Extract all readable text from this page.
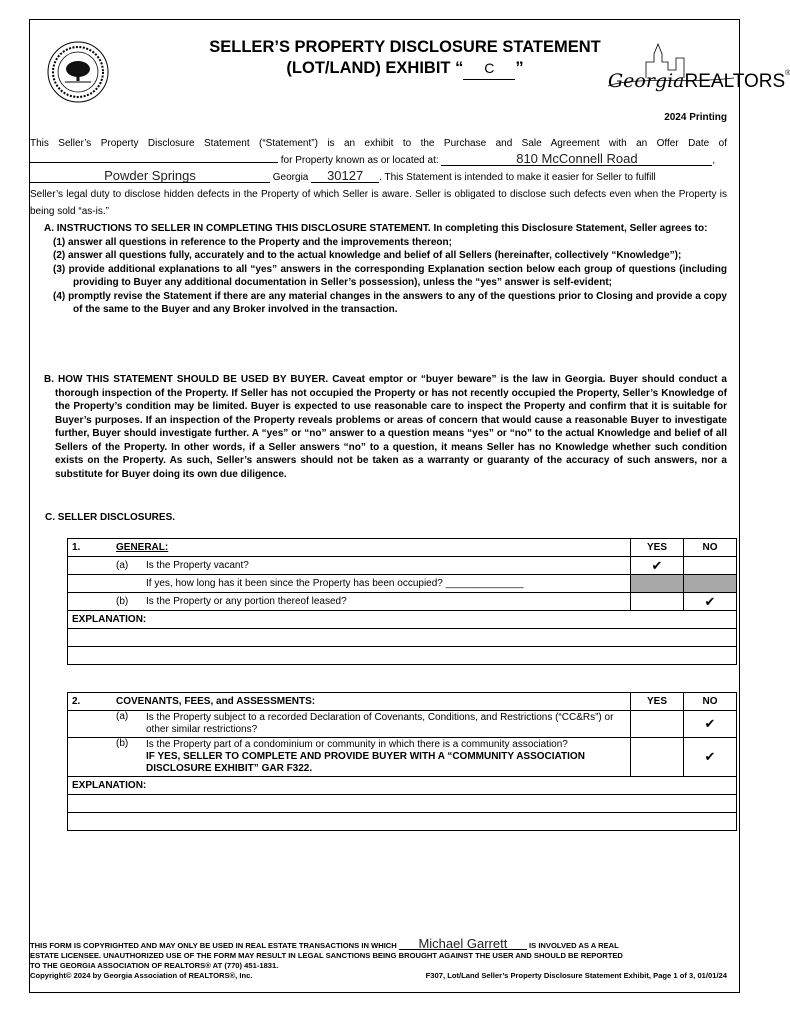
SELLER’S PROPERTY DISCLOSURE STATEMENT
(LOT/LAND) EXHIBIT “ C ”
GeorgiaREALTORS®
2024 Printing
This Seller’s Property Disclosure Statement (“Statement”) is an exhibit to the Purchase and Sale Agreement with an Offer Date of
for Property known as or located at:	810 McConnell Road	,
Powder Springs	Georgia 30127 . This Statement is intended to make it easier for Seller to fulfill
Seller’s legal duty to disclose hidden defects in the Property of which Seller is aware. Seller is obligated to disclose such defects even when the Property is being sold “as-is.”
A. INSTRUCTIONS TO SELLER IN COMPLETING THIS DISCLOSURE STATEMENT. In completing this Disclosure Statement, Seller agrees to:
(1) answer all questions in reference to the Property and the improvements thereon;
(2) answer all questions fully, accurately and to the actual knowledge and belief of all Sellers (hereinafter, collectively “Knowledge”);
(3) provide additional explanations to all “yes” answers in the corresponding Explanation section below each group of questions (including providing to Buyer any additional documentation in Seller’s possession), unless the “yes” answer is self-evident;
(4) promptly revise the Statement if there are any material changes in the answers to any of the questions prior to Closing and provide a copy of the same to the Buyer and any Broker involved in the transaction.
B. HOW THIS STATEMENT SHOULD BE USED BY BUYER. Caveat emptor or “buyer beware” is the law in Georgia. Buyer should conduct a thorough inspection of the Property. If Seller has not occupied the Property or has not recently occupied the Property, Seller’s Knowledge of the Property’s condition may be limited. Buyer is expected to use reasonable care to inspect the Property and confirm that it is suitable for Buyer’s purposes. If an inspection of the Property reveals problems or areas of concern that would cause a reasonable Buyer to investigate further, Buyer should investigate further. A “yes” or “no” answer to a question means “yes” or “no” to the actual Knowledge and belief of all Sellers of the Property. In other words, if a Seller answers “no” to a question, it means Seller has no Knowledge whether such condition exists on the Property. As such, Seller’s answers should not be taken as a warranty or guaranty of the accuracy of such answers, nor a substitute for Buyer doing its own due diligence.
C. SELLER DISCLOSURES.
1.	GENERAL:		YES	NO
	(a)	Is the Property vacant?	✔	
		If yes, how long has it been since the Property has been occupied? ______________		
	(b)	Is the Property or any portion thereof leased?		✔
EXPLANATION:				

2.	COVENANTS, FEES, and ASSESSMENTS:		YES	NO
	(a)	Is the Property subject to a recorded Declaration of Covenants, Conditions, and Restrictions (“CC&Rs”) or other similar restrictions?		✔
	(b)	Is the Property part of a condominium or community in which there is a community association?
IF YES, SELLER TO COMPLETE AND PROVIDE BUYER WITH A “COMMUNITY ASSOCIATION DISCLOSURE EXHIBIT” GAR F322.		✔
EXPLANATION:				

THIS FORM IS COPYRIGHTED AND MAY ONLY BE USED IN REAL ESTATE TRANSACTIONS IN WHICH Michael Garrett	IS INVOLVED AS A REAL
ESTATE LICENSEE. UNAUTHORIZED USE OF THE FORM MAY RESULT IN LEGAL SANCTIONS BEING BROUGHT AGAINST THE USER AND SHOULD BE REPORTED
TO THE GEORGIA ASSOCIATION OF REALTORS® AT (770) 451-1831.
Copyright© 2024 by Georgia Association of REALTORS®, Inc.	F307, Lot/Land Seller’s Property Disclosure Statement Exhibit, Page 1 of 3, 01/01/24
